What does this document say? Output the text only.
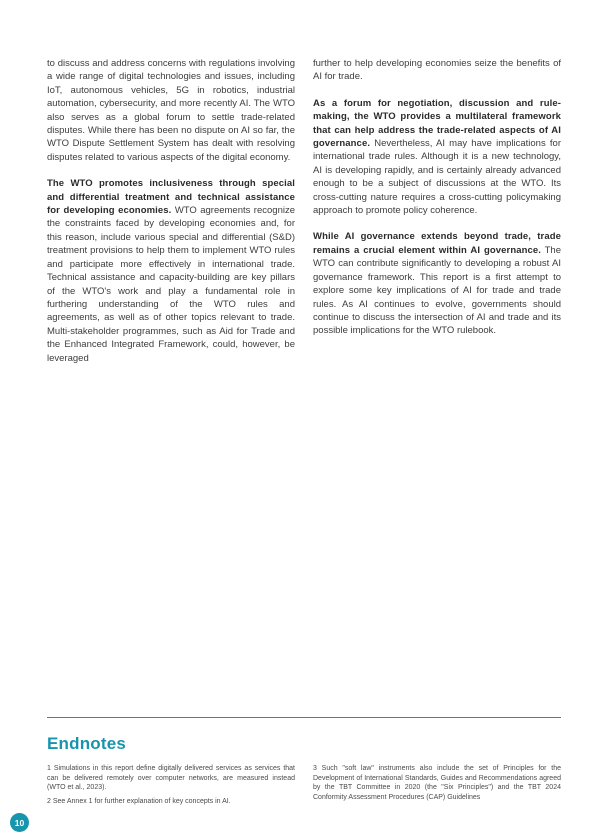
to discuss and address concerns with regulations involving a wide range of digital technologies and issues, including IoT, autonomous vehicles, 5G in robotics, industrial automation, cybersecurity, and more recently AI. The WTO also serves as a global forum to settle trade-related disputes. While there has been no dispute on AI so far, the WTO Dispute Settlement System has dealt with resolving disputes related to various aspects of the digital economy.

The WTO promotes inclusiveness through special and differential treatment and technical assistance for developing economies. WTO agreements recognize the constraints faced by developing economies and, for this reason, include various special and differential (S&D) treatment provisions to help them to implement WTO rules and participate more effectively in international trade. Technical assistance and capacity-building are key pillars of the WTO's work and play a fundamental role in furthering understanding of the WTO rules and agreements, as well as of other topics relevant to trade. Multi-stakeholder programmes, such as Aid for Trade and the Enhanced Integrated Framework, could, however, be leveraged

further to help developing economies seize the benefits of AI for trade.

As a forum for negotiation, discussion and rule-making, the WTO provides a multilateral framework that can help address the trade-related aspects of AI governance. Nevertheless, AI may have implications for international trade rules. Although it is a new technology, AI is developing rapidly, and is certainly already advanced enough to be a subject of discussions at the WTO. Its cross-cutting nature requires a cross-cutting policymaking approach to promote policy coherence.

While AI governance extends beyond trade, trade remains a crucial element within AI governance. The WTO can contribute significantly to developing a robust AI governance framework. This report is a first attempt to explore some key implications of AI for trade and trade rules. As AI continues to evolve, governments should continue to discuss the intersection of AI and trade and its possible implications for the WTO rulebook.

Endnotes

1 Simulations in this report define digitally delivered services as services that can be delivered remotely over computer networks, are measured instead (WTO et al., 2023).

2 See Annex 1 for further explanation of key concepts in AI.

3 Such "soft law" instruments also include the set of Principles for the Development of International Standards, Guides and Recommendations agreed by the TBT Committee in 2020 (the "Six Principles") and the TBT 2024 Conformity Assessment Procedures (CAP) Guidelines

10
